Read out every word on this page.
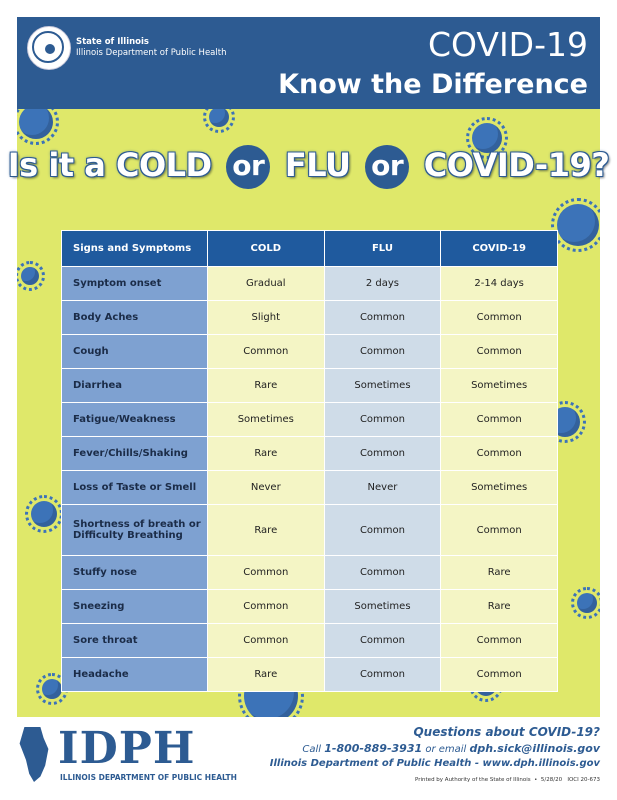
State of Illinois
Illinois Department of Public Health	COVID-19
Know the Difference
Is it a COLD or FLU or COVID-19?
Signs and Symptoms	COLD	FLU	COVID-19
Symptom onset	Gradual	2 days	2-14 days
Body Aches	Slight	Common	Common
Cough	Common	Common	Common
Diarrhea	Rare	Sometimes	Sometimes
Fatigue/Weakness	Sometimes	Common	Common
Fever/Chills/Shaking	Rare	Common	Common
Loss of Taste or Smell	Never	Never	Sometimes
Shortness of breath or Difficulty Breathing	Rare	Common	Common
Stuffy nose	Common	Common	Rare
Sneezing	Common	Sometimes	Rare
Sore throat	Common	Common	Common
Headache	Rare	Common	Common
IDPH
ILLINOIS DEPARTMENT OF PUBLIC HEALTH
Questions about COVID-19?
Call 1-800-889-3931 or email dph.sick@illinois.gov
Illinois Department of Public Health - www.dph.illinois.gov
Printed by Authority of the State of Illinois • 5/28/20 IOCI 20-673
